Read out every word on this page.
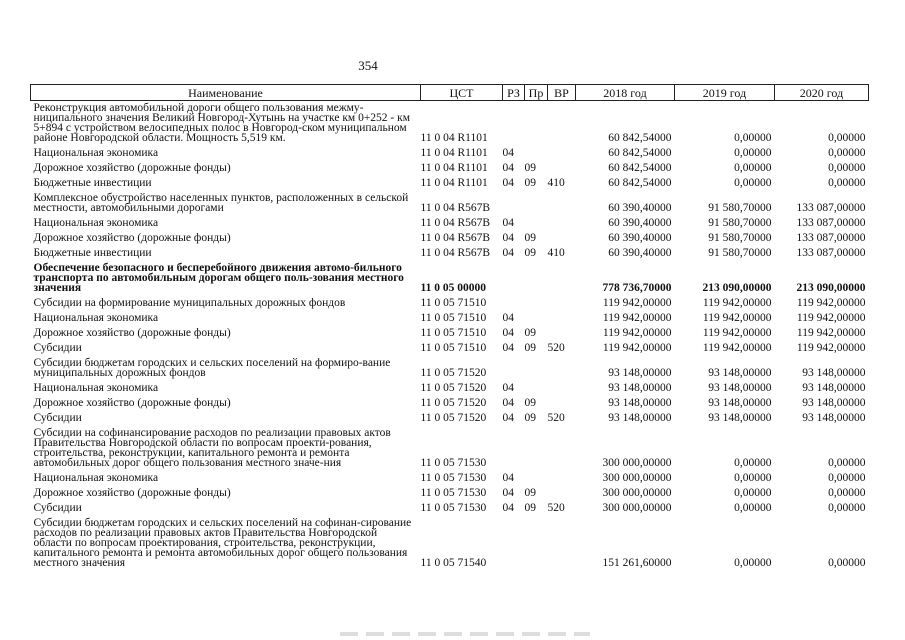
354
Наименование	ЦСТ	РЗ	Пр	ВР	2018 год	2019 год	2020 год
Реконструкция автомобильной дороги общего пользования межму-ниципального значения Великий Новгород-Хутынь на участке км 0+252 - км 5+894 с устройством велосипедных полос в Новгород-ском муниципальном районе Новгородской области. Мощность 5,519 км.	11 0 04 R1101				60 842,54000	0,00000	0,00000
Национальная экономика	11 0 04 R1101	04			60 842,54000	0,00000	0,00000
Дорожное хозяйство (дорожные фонды)	11 0 04 R1101	04	09		60 842,54000	0,00000	0,00000
Бюджетные инвестиции	11 0 04 R1101	04	09	410	60 842,54000	0,00000	0,00000
Комплексное обустройство населенных пунктов, расположенных в сельской местности, автомобильными дорогами	11 0 04 R567B				60 390,40000	91 580,70000	133 087,00000
Национальная экономика	11 0 04 R567B	04			60 390,40000	91 580,70000	133 087,00000
Дорожное хозяйство (дорожные фонды)	11 0 04 R567B	04	09		60 390,40000	91 580,70000	133 087,00000
Бюджетные инвестиции	11 0 04 R567B	04	09	410	60 390,40000	91 580,70000	133 087,00000
Обеспечение безопасного и бесперебойного движения автомо-бильного транспорта по автомобильным дорогам общего поль-зования местного значения	11 0 05 00000				778 736,70000	213 090,00000	213 090,00000
Субсидии на формирование муниципальных дорожных фондов	11 0 05 71510				119 942,00000	119 942,00000	119 942,00000
Национальная экономика	11 0 05 71510	04			119 942,00000	119 942,00000	119 942,00000
Дорожное хозяйство (дорожные фонды)	11 0 05 71510	04	09		119 942,00000	119 942,00000	119 942,00000
Субсидии	11 0 05 71510	04	09	520	119 942,00000	119 942,00000	119 942,00000
Субсидии бюджетам городских и сельских поселений на формиро-вание муниципальных дорожных фондов	11 0 05 71520				93 148,00000	93 148,00000	93 148,00000
Национальная экономика	11 0 05 71520	04			93 148,00000	93 148,00000	93 148,00000
Дорожное хозяйство (дорожные фонды)	11 0 05 71520	04	09		93 148,00000	93 148,00000	93 148,00000
Субсидии	11 0 05 71520	04	09	520	93 148,00000	93 148,00000	93 148,00000
Субсидии на софинансирование расходов по реализации правовых актов Правительства Новгородской области по вопросам проекти-рования, строительства, реконструкции, капитального ремонта и ремонта автомобильных дорог общего пользования местного значе-ния	11 0 05 71530				300 000,00000	0,00000	0,00000
Национальная экономика	11 0 05 71530	04			300 000,00000	0,00000	0,00000
Дорожное хозяйство (дорожные фонды)	11 0 05 71530	04	09		300 000,00000	0,00000	0,00000
Субсидии	11 0 05 71530	04	09	520	300 000,00000	0,00000	0,00000
Субсидии бюджетам городских и сельских поселений на софинан-сирование расходов по реализации правовых актов Правительства Новгородской области по вопросам проектирования, строительства, реконструкции, капитального ремонта и ремонта автомобильных дорог общего пользования местного значения	11 0 05 71540				151 261,60000	0,00000	0,00000
